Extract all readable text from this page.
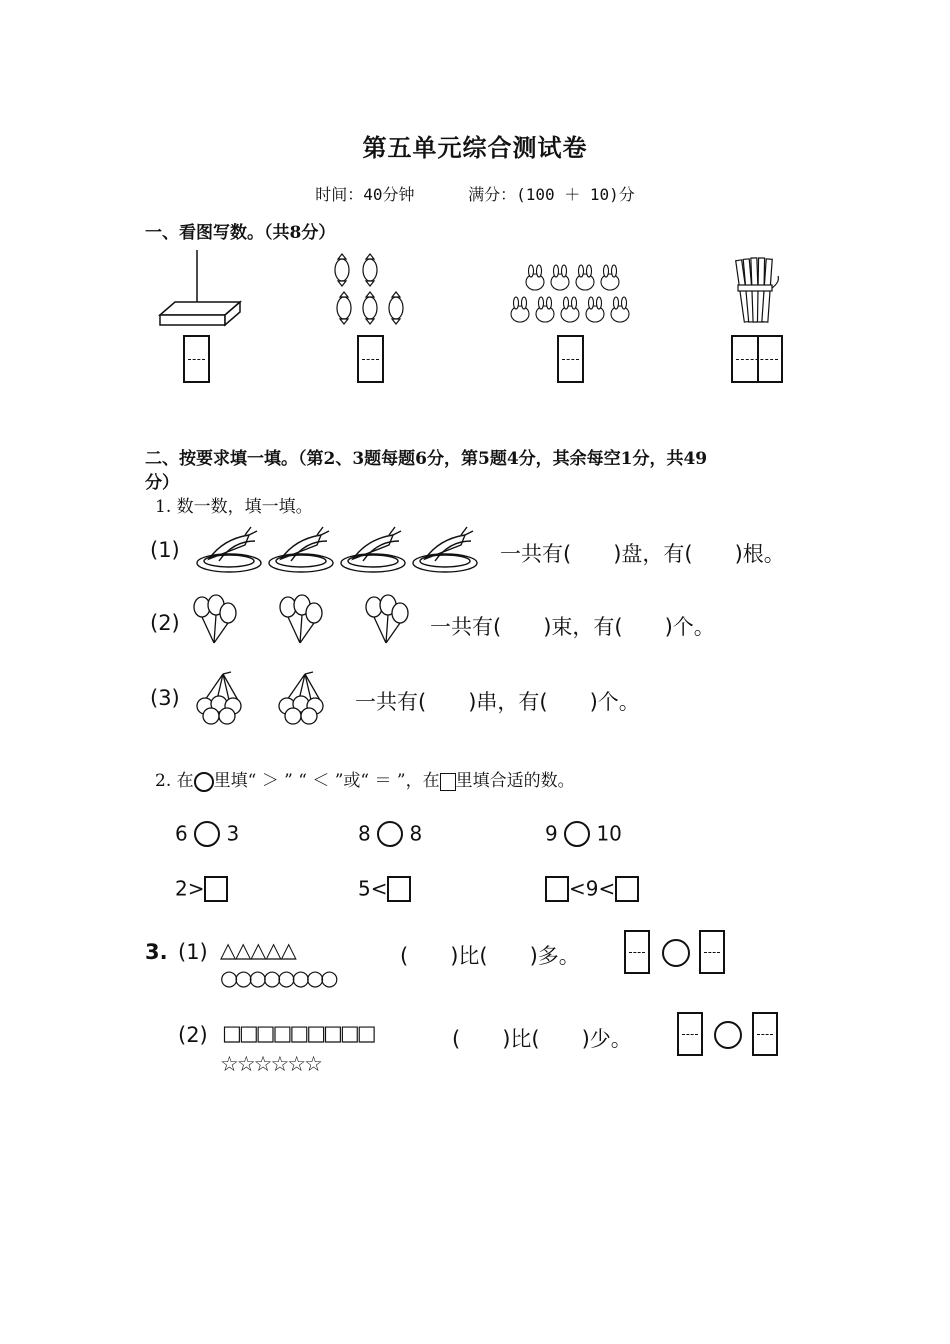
第五单元综合测试卷
时间：40分钟	满分：(100 ＋ 10)分
一、看图写数。（共8分）
二、按要求填一填。（第2、3题每题6分，第5题4分，其余每空1分，共49
分）
1. 数一数，填一填。
(1)	一共有(　　)盘，有(　　)根。
(2)	一共有(　　)束，有(　　)个。
(3)	一共有(　　)串，有(　　)个。
2. 在 里填“ ＞ ” “ ＜ ”或“ ＝ ”，在 里填合适的数。
6 3	8 8	9 10
2>	5<	<9<
3. (1) △△△△△
○○○○○○○○
(　　)比(　　)多。
(2) □□□□□□□□□
☆☆☆☆☆☆
(　　)比(　　)少。
